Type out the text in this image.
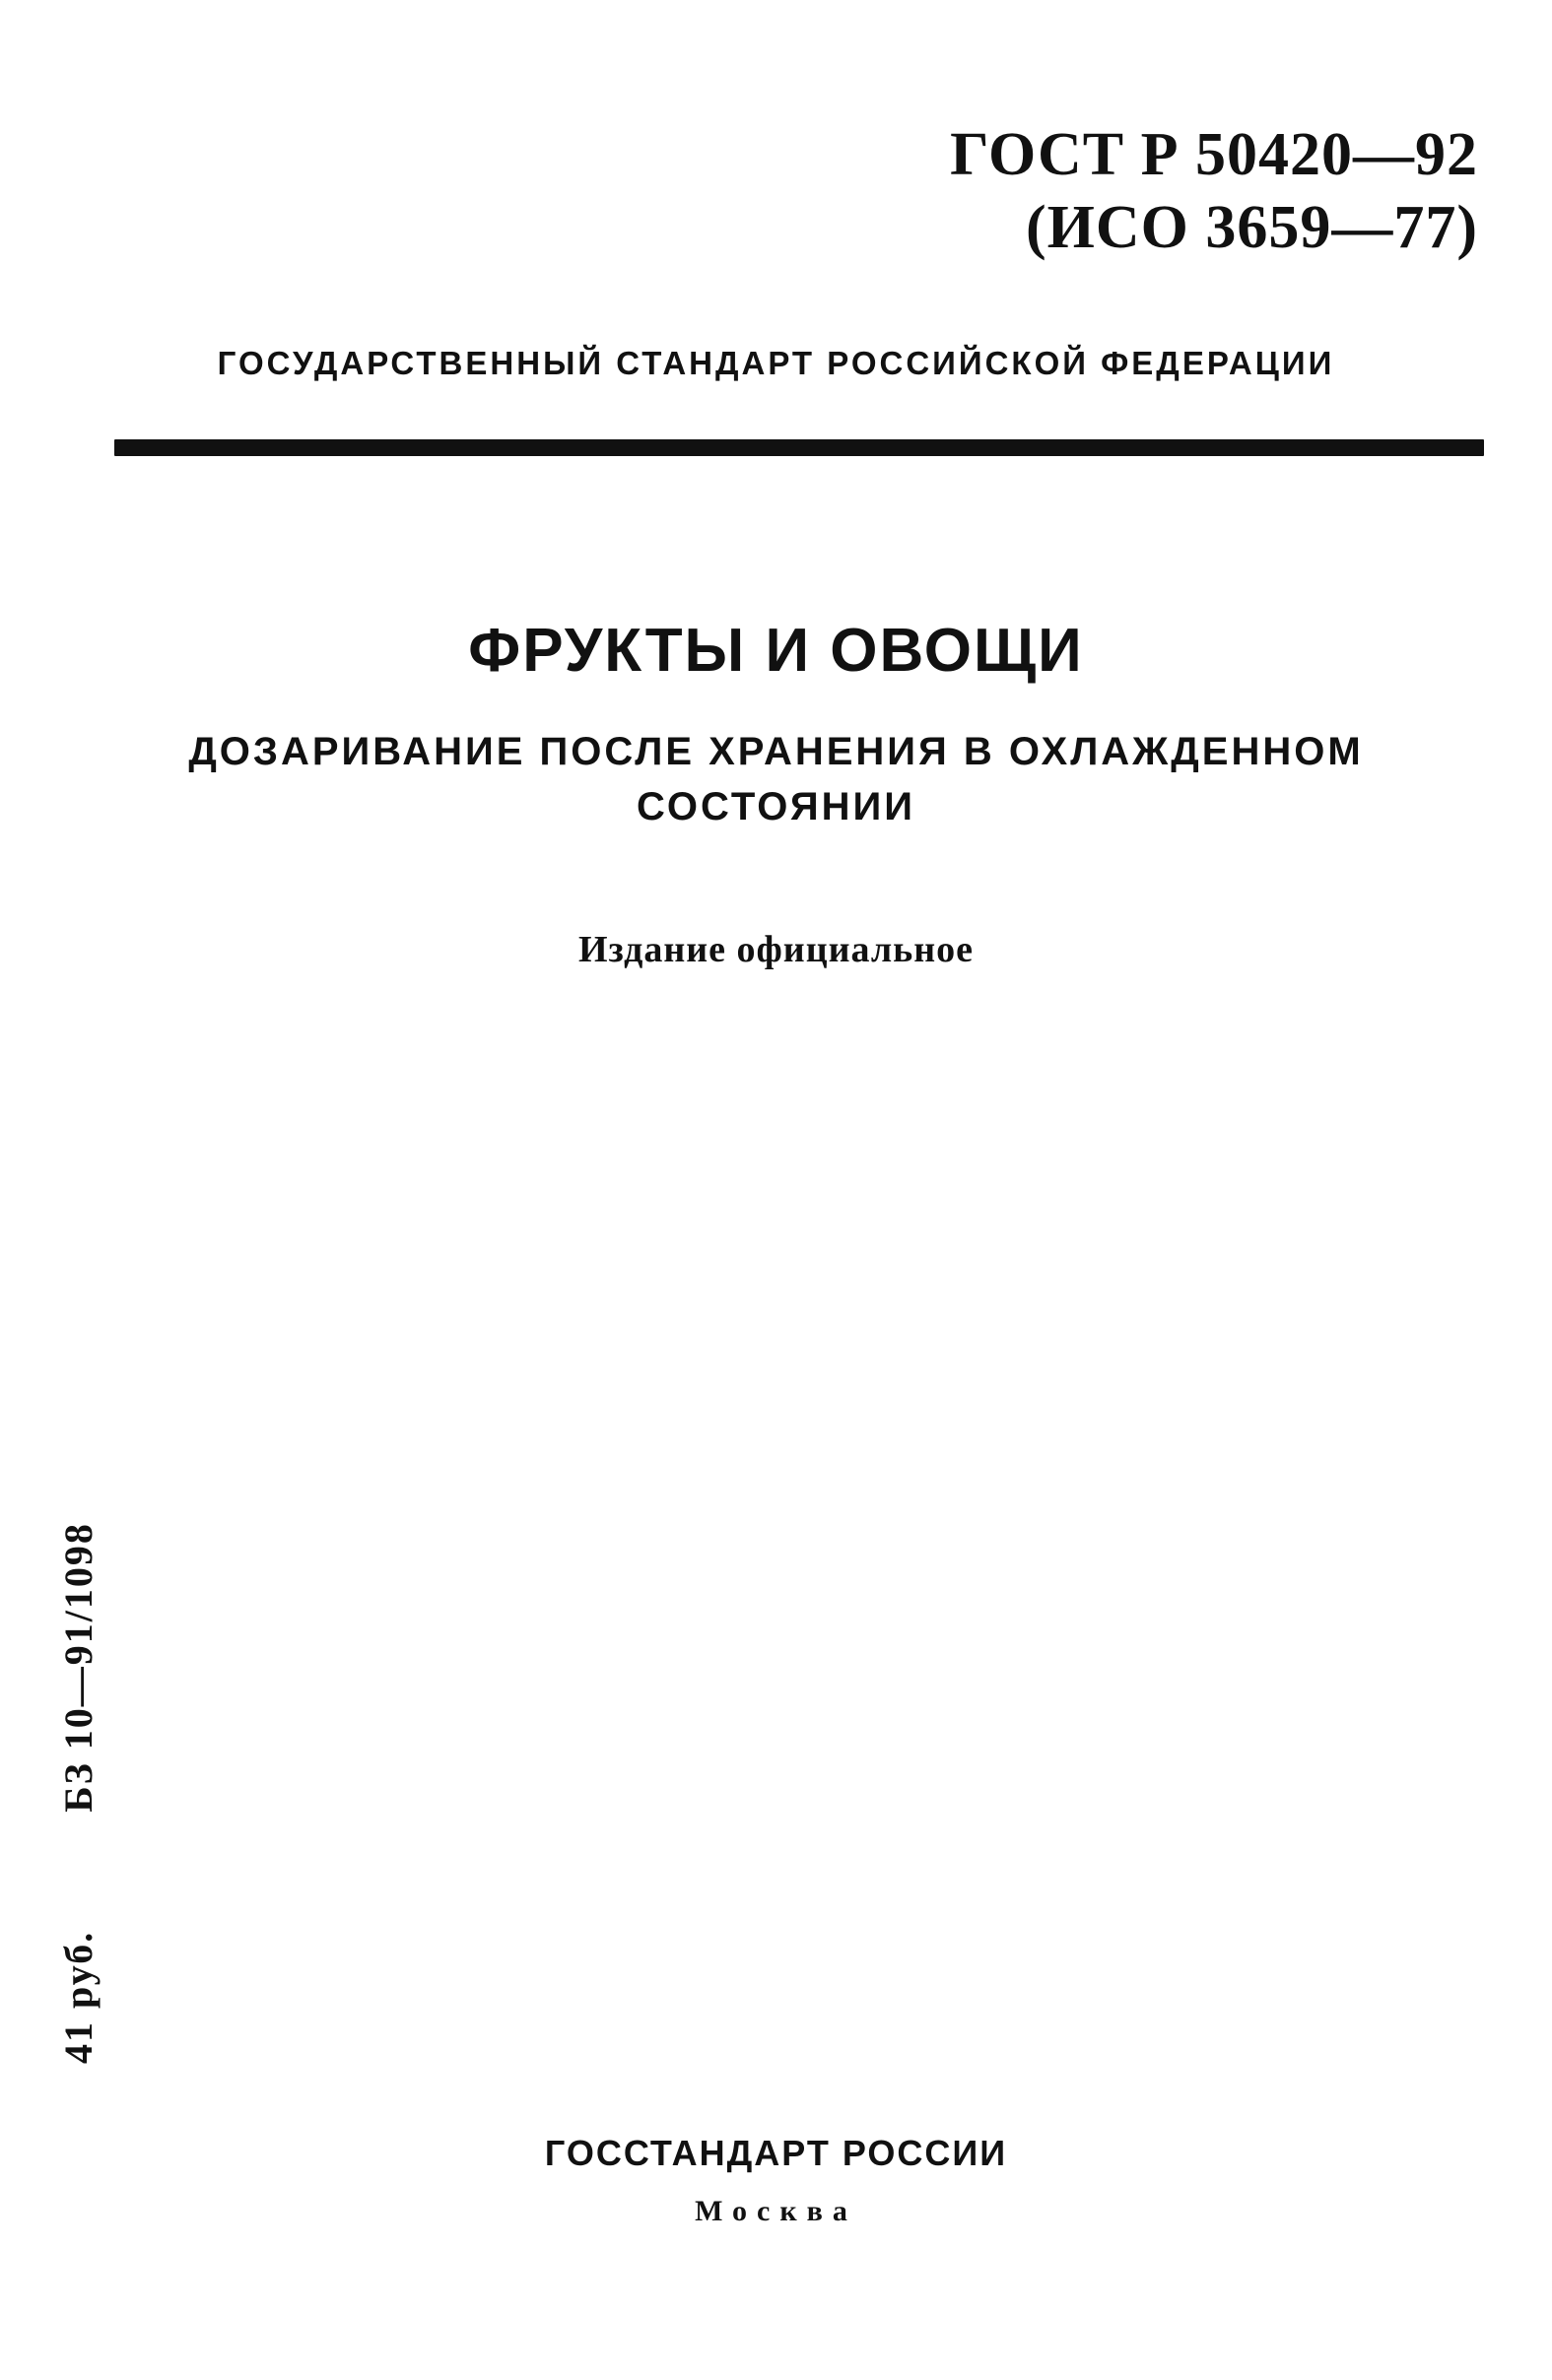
ГОСТ Р 50420—92
(ИСО 3659—77)
ГОСУДАРСТВЕННЫЙ СТАНДАРТ РОССИЙСКОЙ ФЕДЕРАЦИИ
ФРУКТЫ И ОВОЩИ
ДОЗАРИВАНИЕ ПОСЛЕ ХРАНЕНИЯ В ОХЛАЖДЕННОМ
СОСТОЯНИИ
Издание официальное
41 руб.БЗ 10—91/1098
ГОССТАНДАРТ РОССИИ
Москва
